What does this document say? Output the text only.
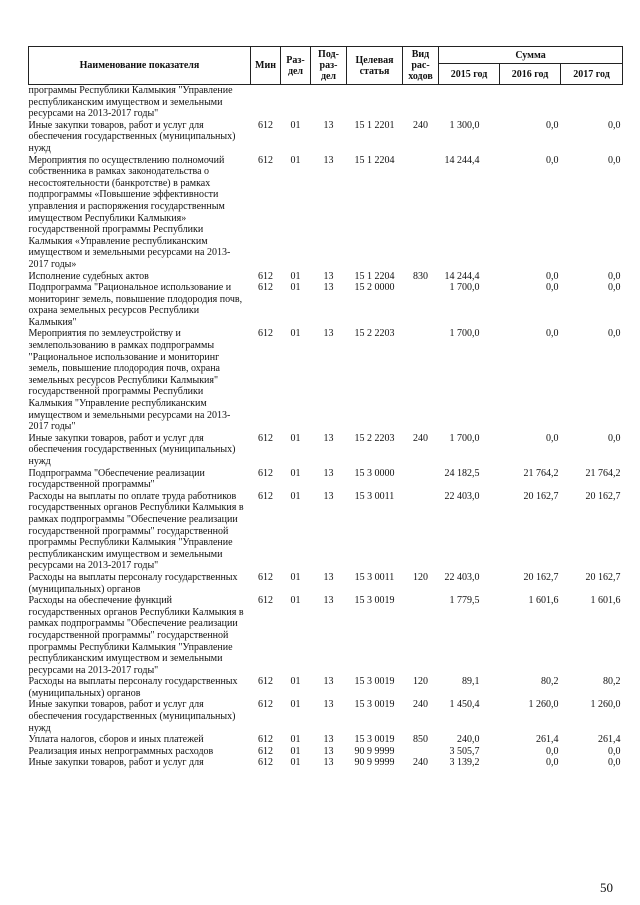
Наименование показателя	Мин	Раз- дел	Под- раз- дел	Целевая статья	Вид рас- ходов	Сумма		
						2015 год	2016 год	2017 год
программы Республики Калмыкия "Управление республиканским имуществом и земельными ресурсами на 2013-2017 годы"								
Иные закупки товаров, работ и услуг для обеспечения государственных (муниципальных) нужд	612	01	13	15 1 2201	240	1 300,0	0,0	0,0
Мероприятия по осуществлению полномочий собственника в рамках законодательства о несостоятельности (банкротстве) в рамках подпрограммы «Повышение эффективности управления и распоряжения государственным имуществом Республики Калмыкия» государственной программы Республики Калмыкия «Управление республиканским имуществом и земельными ресурсами на 2013-2017 годы»	612	01	13	15 1 2204		14 244,4	0,0	0,0
Исполнение судебных актов	612	01	13	15 1 2204	830	14 244,4	0,0	0,0
Подпрограмма "Рациональное использование и мониторинг земель, повышение плодородия почв, охрана земельных ресурсов Республики Калмыкия"	612	01	13	15 2 0000		1 700,0	0,0	0,0
Мероприятия по землеустройству и землепользованию в рамках подпрограммы "Рациональное использование и мониторинг земель, повышение плодородия почв, охрана земельных ресурсов Республики Калмыкия" государственной программы Республики Калмыкия "Управление республиканским имуществом и земельными ресурсами на 2013-2017 годы"	612	01	13	15 2 2203		1 700,0	0,0	0,0
Иные закупки товаров, работ и услуг для обеспечения государственных (муниципальных) нужд	612	01	13	15 2 2203	240	1 700,0	0,0	0,0
Подпрограмма "Обеспечение реализации государственной программы"	612	01	13	15 3 0000		24 182,5	21 764,2	21 764,2
Расходы на выплаты по оплате труда работников государственных органов Республики Калмыкия в рамках подпрограммы "Обеспечение реализации государственной программы" государственной программы Республики Калмыкия "Управление республиканским имуществом и земельными ресурсами на 2013-2017 годы"	612	01	13	15 3 0011		22 403,0	20 162,7	20 162,7
Расходы на выплаты персоналу государственных (муниципальных) органов	612	01	13	15 3 0011	120	22 403,0	20 162,7	20 162,7
Расходы на обеспечение функций государственных органов Республики Калмыкия в рамках подпрограммы "Обеспечение реализации государственной программы" государственной программы Республики Калмыкия "Управление республиканским имуществом и земельными ресурсами на 2013-2017 годы"	612	01	13	15 3 0019		1 779,5	1 601,6	1 601,6
Расходы на выплаты персоналу государственных (муниципальных) органов	612	01	13	15 3 0019	120	89,1	80,2	80,2
Иные закупки товаров, работ и услуг для обеспечения государственных (муниципальных) нужд	612	01	13	15 3 0019	240	1 450,4	1 260,0	1 260,0
Уплата налогов, сборов и иных платежей	612	01	13	15 3 0019	850	240,0	261,4	261,4
Реализация иных непрограммных расходов	612	01	13	90 9 9999		3 505,7	0,0	0,0
Иные закупки товаров, работ и услуг для	612	01	13	90 9 9999	240	3 139,2	0,0	0,0
50
